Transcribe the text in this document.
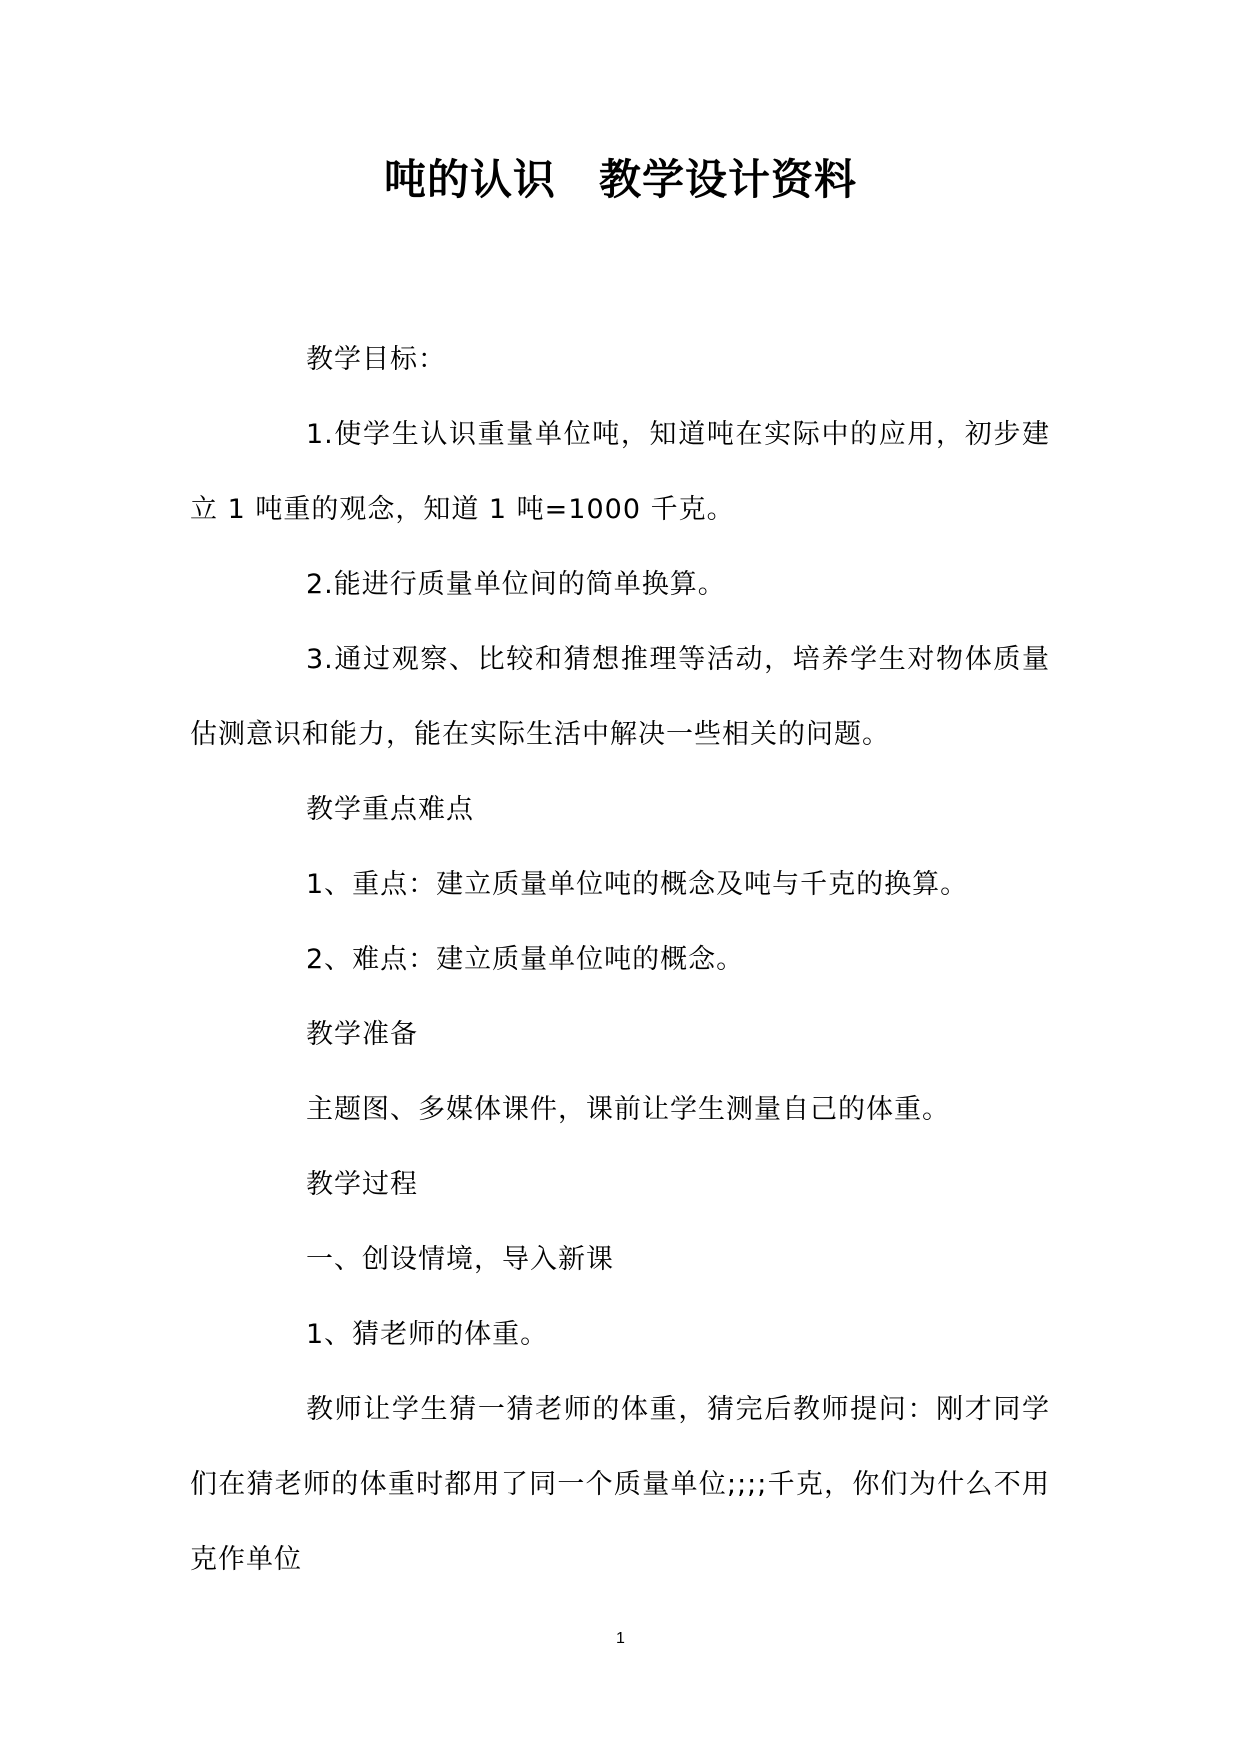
吨的认识　教学设计资料

教学目标：

1.使学生认识重量单位吨，知道吨在实际中的应用，初步建立 1 吨重的观念，知道 1 吨=1000 千克。

2.能进行质量单位间的简单换算。

3.通过观察、比较和猜想推理等活动，培养学生对物体质量估测意识和能力，能在实际生活中解决一些相关的问题。

教学重点难点

1、重点：建立质量单位吨的概念及吨与千克的换算。

2、难点：建立质量单位吨的概念。

教学准备

主题图、多媒体课件，课前让学生测量自己的体重。

教学过程

一、创设情境，导入新课

1、猜老师的体重。

教师让学生猜一猜老师的体重，猜完后教师提问：刚才同学们在猜老师的体重时都用了同一个质量单位;;;;千克，你们为什么不用克作单位

1
